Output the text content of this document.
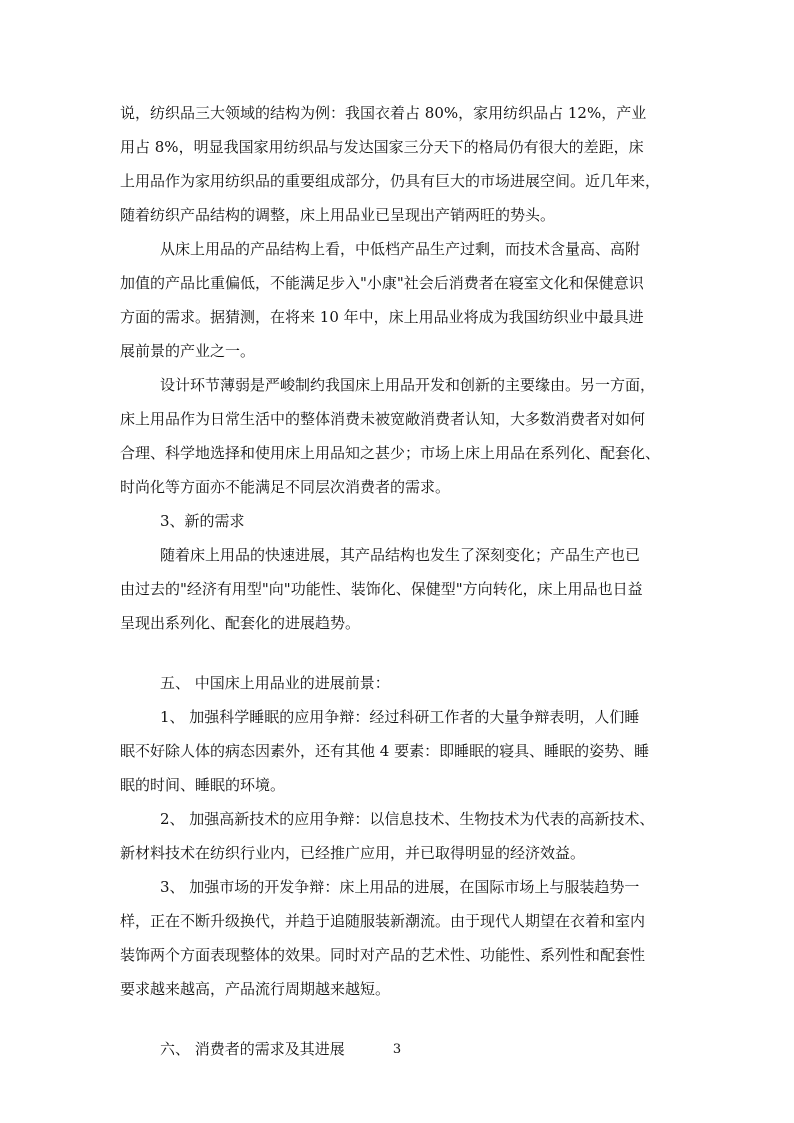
说，纺织品三大领域的结构为例：我国衣着占 80%，家用纺织品占 12%，产业
用占 8%，明显我国家用纺织品与发达国家三分天下的格局仍有很大的差距，床
上用品作为家用纺织品的重要组成部分，仍具有巨大的市场进展空间。近几年来，
随着纺织产品结构的调整，床上用品业已呈现出产销两旺的势头。
从床上用品的产品结构上看，中低档产品生产过剩，而技术含量高、高附
加值的产品比重偏低，不能满足步入"小康"社会后消费者在寝室文化和保健意识
方面的需求。据猜测，在将来 10 年中，床上用品业将成为我国纺织业中最具进
展前景的产业之一。
设计环节薄弱是严峻制约我国床上用品开发和创新的主要缘由。另一方面，
床上用品作为日常生活中的整体消费未被宽敞消费者认知，大多数消费者对如何
合理、科学地选择和使用床上用品知之甚少；市场上床上用品在系列化、配套化、
时尚化等方面亦不能满足不同层次消费者的需求。
3、新的需求
随着床上用品的快速进展，其产品结构也发生了深刻变化；产品生产也已
由过去的"经济有用型"向"功能性、装饰化、保健型"方向转化，床上用品也日益
呈现出系列化、配套化的进展趋势。
五、 中国床上用品业的进展前景：
1、 加强科学睡眠的应用争辩：经过科研工作者的大量争辩表明，人们睡
眠不好除人体的病态因素外，还有其他 4 要素：即睡眠的寝具、睡眠的姿势、睡
眠的时间、睡眠的环境。
2、 加强高新技术的应用争辩：以信息技术、生物技术为代表的高新技术、
新材料技术在纺织行业内，已经推广应用，并已取得明显的经济效益。
3、 加强市场的开发争辩：床上用品的进展，在国际市场上与服装趋势一
样，正在不断升级换代，并趋于追随服装新潮流。由于现代人期望在衣着和室内
装饰两个方面表现整体的效果。同时对产品的艺术性、功能性、系列性和配套性
要求越来越高，产品流行周期越来越短。
六、 消费者的需求及其进展	3
